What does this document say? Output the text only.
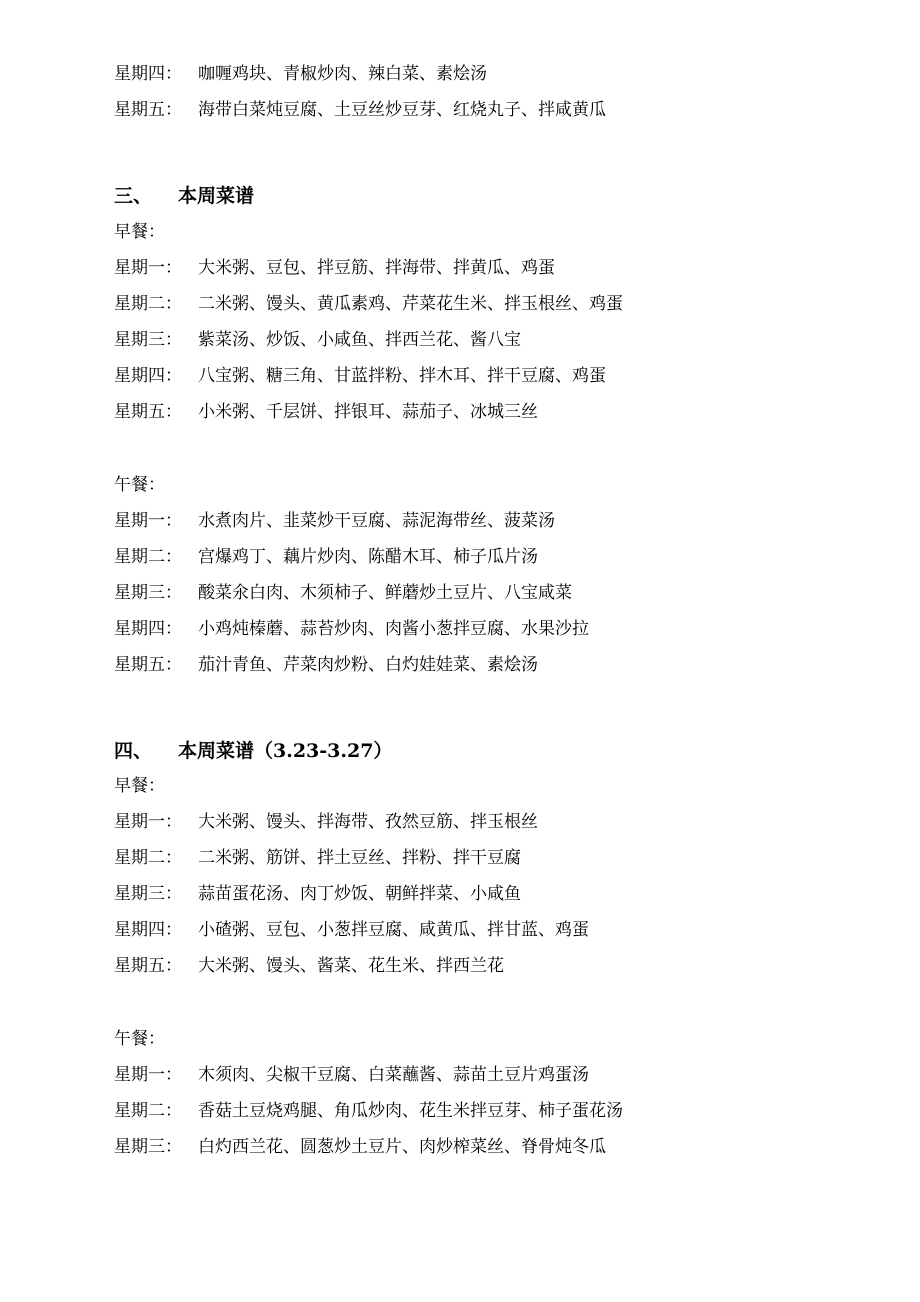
星期四： 咖喱鸡块、青椒炒肉、辣白菜、素烩汤
星期五： 海带白菜炖豆腐、土豆丝炒豆芽、红烧丸子、拌咸黄瓜
三、 本周菜谱
早餐：
星期一： 大米粥、豆包、拌豆筋、拌海带、拌黄瓜、鸡蛋
星期二： 二米粥、馒头、黄瓜素鸡、芹菜花生米、拌玉根丝、鸡蛋
星期三： 紫菜汤、炒饭、小咸鱼、拌西兰花、酱八宝
星期四： 八宝粥、糖三角、甘蓝拌粉、拌木耳、拌干豆腐、鸡蛋
星期五： 小米粥、千层饼、拌银耳、蒜茄子、冰城三丝
午餐：
星期一： 水煮肉片、韭菜炒干豆腐、蒜泥海带丝、菠菜汤
星期二： 宫爆鸡丁、藕片炒肉、陈醋木耳、柿子瓜片汤
星期三： 酸菜氽白肉、木须柿子、鲜蘑炒土豆片、八宝咸菜
星期四： 小鸡炖榛蘑、蒜苔炒肉、肉酱小葱拌豆腐、水果沙拉
星期五： 茄汁青鱼、芹菜肉炒粉、白灼娃娃菜、素烩汤
四、 本周菜谱（3.23-3.27）
早餐：
星期一： 大米粥、馒头、拌海带、孜然豆筋、拌玉根丝
星期二： 二米粥、筋饼、拌土豆丝、拌粉、拌干豆腐
星期三： 蒜苗蛋花汤、肉丁炒饭、朝鲜拌菜、小咸鱼
星期四： 小碴粥、豆包、小葱拌豆腐、咸黄瓜、拌甘蓝、鸡蛋
星期五： 大米粥、馒头、酱菜、花生米、拌西兰花
午餐：
星期一： 木须肉、尖椒干豆腐、白菜蘸酱、蒜苗土豆片鸡蛋汤
星期二： 香菇土豆烧鸡腿、角瓜炒肉、花生米拌豆芽、柿子蛋花汤
星期三： 白灼西兰花、圆葱炒土豆片、肉炒榨菜丝、脊骨炖冬瓜
